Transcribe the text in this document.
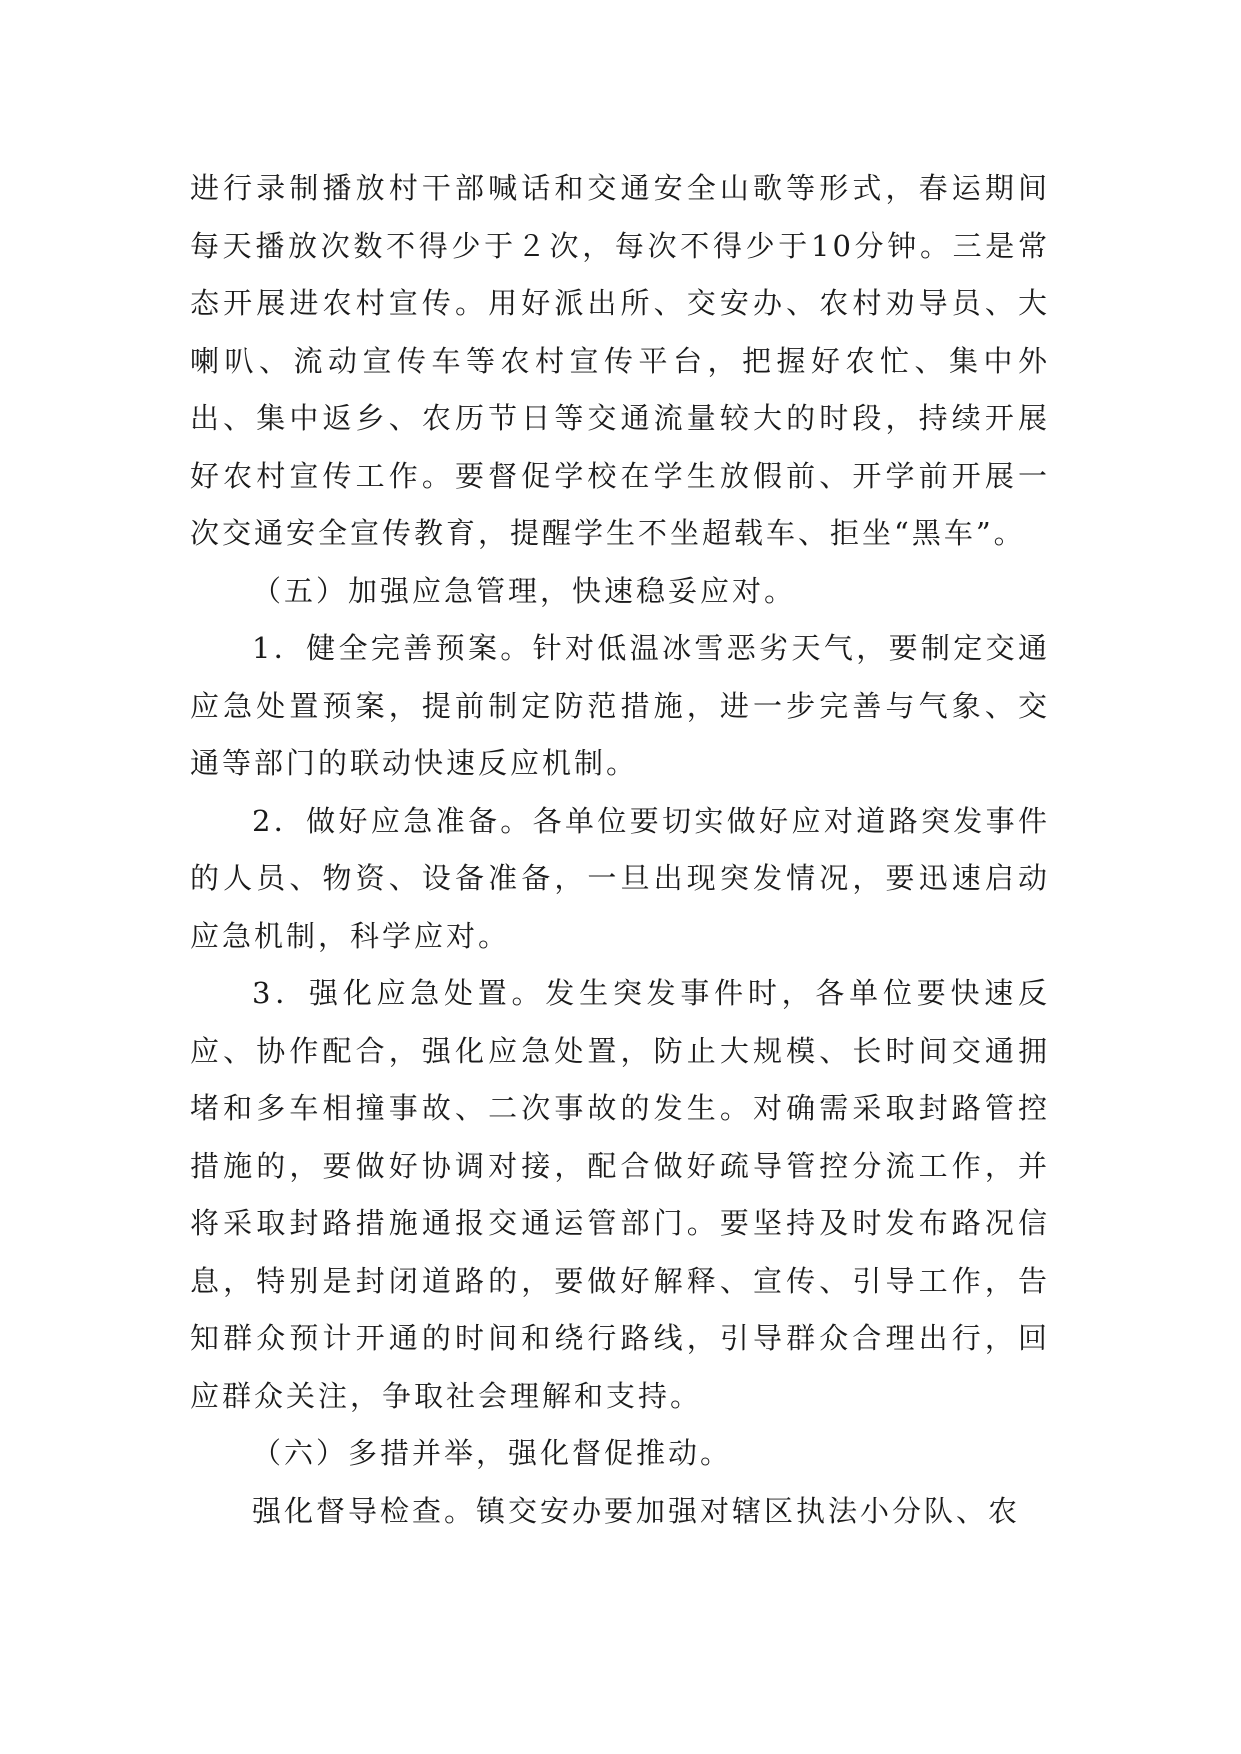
进行录制播放村干部喊话和交通安全山歌等形式，春运期间每天播放次数不得少于２次，每次不得少于10分钟。三是常态开展进农村宣传。用好派出所、交安办、农村劝导员、大喇叭、流动宣传车等农村宣传平台，把握好农忙、集中外出、集中返乡、农历节日等交通流量较大的时段，持续开展好农村宣传工作。要督促学校在学生放假前、开学前开展一次交通安全宣传教育，提醒学生不坐超载车、拒坐“黑车”。

（五）加强应急管理，快速稳妥应对。

1．健全完善预案。针对低温冰雪恶劣天气，要制定交通应急处置预案，提前制定防范措施，进一步完善与气象、交通等部门的联动快速反应机制。

2．做好应急准备。各单位要切实做好应对道路突发事件的人员、物资、设备准备，一旦出现突发情况，要迅速启动应急机制，科学应对。

3．强化应急处置。发生突发事件时，各单位要快速反应、协作配合，强化应急处置，防止大规模、长时间交通拥堵和多车相撞事故、二次事故的发生。对确需采取封路管控措施的，要做好协调对接，配合做好疏导管控分流工作，并将采取封路措施通报交通运管部门。要坚持及时发布路况信息，特别是封闭道路的，要做好解释、宣传、引导工作，告知群众预计开通的时间和绕行路线，引导群众合理出行，回应群众关注，争取社会理解和支持。

（六）多措并举，强化督促推动。

强化督导检查。镇交安办要加强对辖区执法小分队、农
